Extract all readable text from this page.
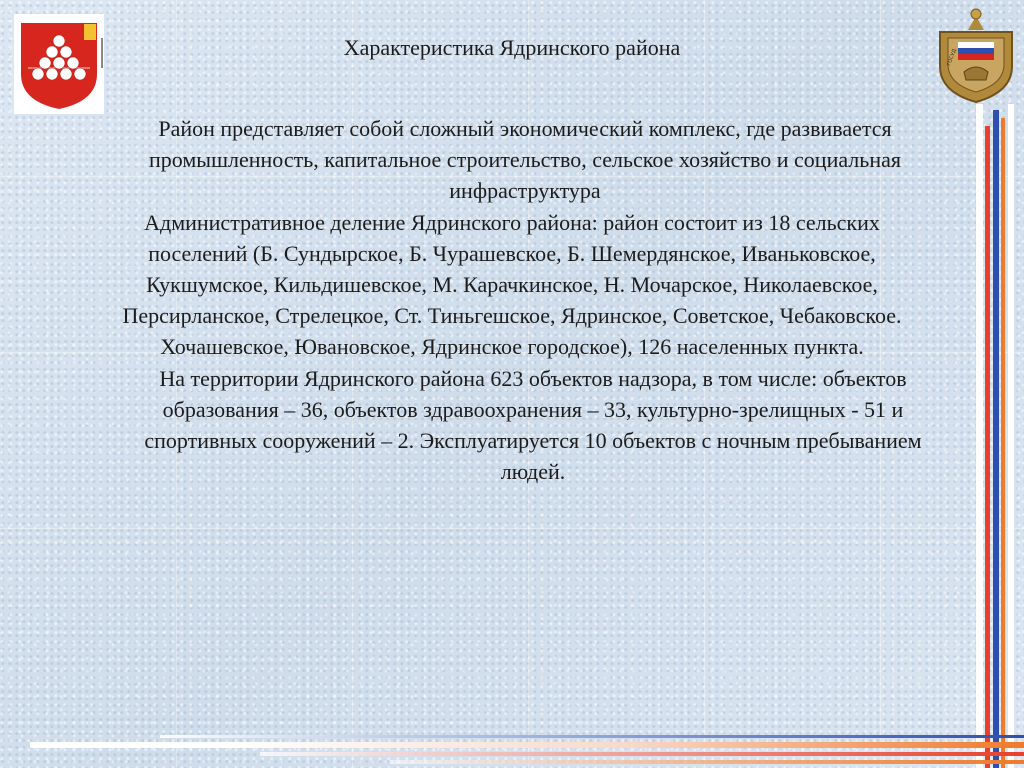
ГОСУД
Характеристика Ядринского района

Район представляет собой сложный экономический комплекс, где развивается промышленность, капитальное строительство, сельское хозяйство и социальная инфраструктура

Административное деление Ядринского района: район состоит из 18 сельских поселений (Б. Сундырское, Б. Чурашевское, Б. Шемердянское, Иваньковское, Кукшумское, Кильдишевское, М. Карачкинское, Н. Мочарское, Николаевское, Персирланское, Стрелецкое, Ст. Тиньгешское, Ядринское, Советское, Чебаковское. Хочашевское, Ювановское, Ядринское городское), 126 населенных пункта.

На территории Ядринского района 623 объектов надзора, в том числе: объектов образования – 36, объектов здравоохранения – 33, культурно-зрелищных - 51 и спортивных сооружений – 2. Эксплуатируется 10 объектов с ночным пребыванием людей.
